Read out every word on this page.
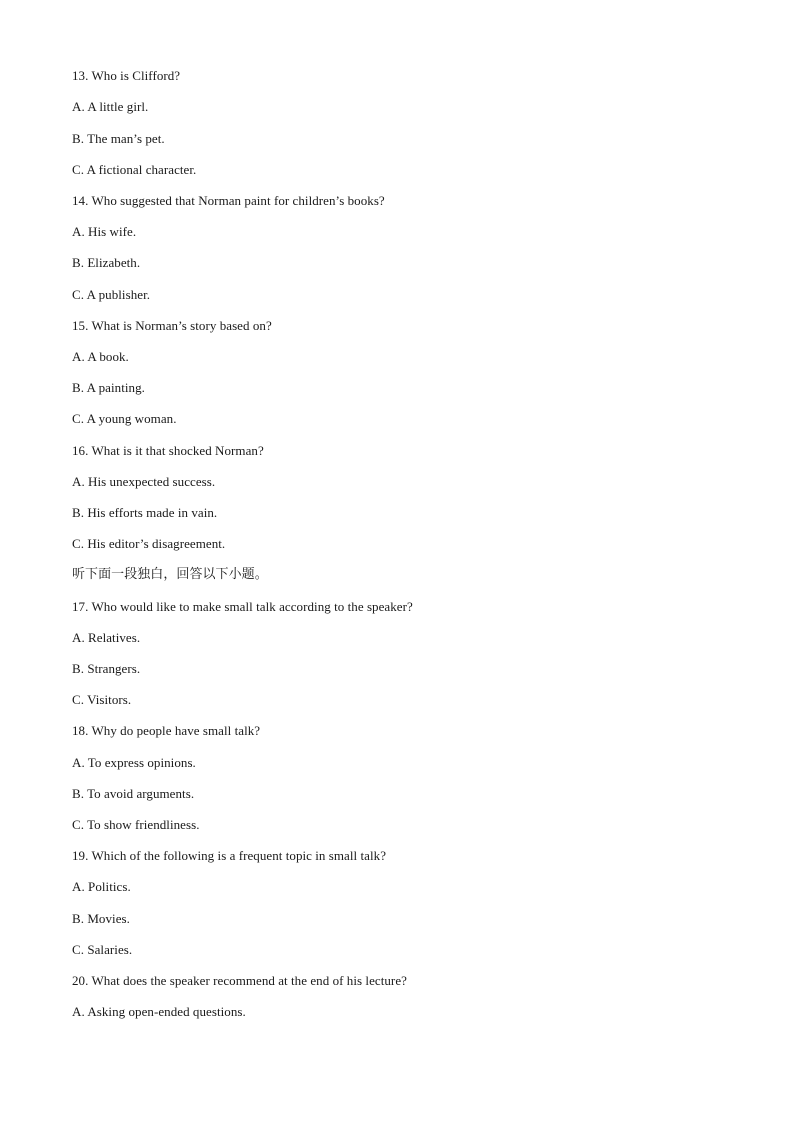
13. Who is Clifford?
A. A little girl.
B. The man’s pet.
C. A fictional character.
14. Who suggested that Norman paint for children’s books?
A. His wife.
B. Elizabeth.
C. A publisher.
15. What is Norman’s story based on?
A. A book.
B. A painting.
C. A young woman.
16. What is it that shocked Norman?
A. His unexpected success.
B. His efforts made in vain.
C. His editor’s disagreement.
听下面一段独白，回答以下小题。
17. Who would like to make small talk according to the speaker?
A. Relatives.
B. Strangers.
C. Visitors.
18. Why do people have small talk?
A. To express opinions.
B. To avoid arguments.
C. To show friendliness.
19. Which of the following is a frequent topic in small talk?
A. Politics.
B. Movies.
C. Salaries.
20. What does the speaker recommend at the end of his lecture?
A. Asking open-ended questions.
